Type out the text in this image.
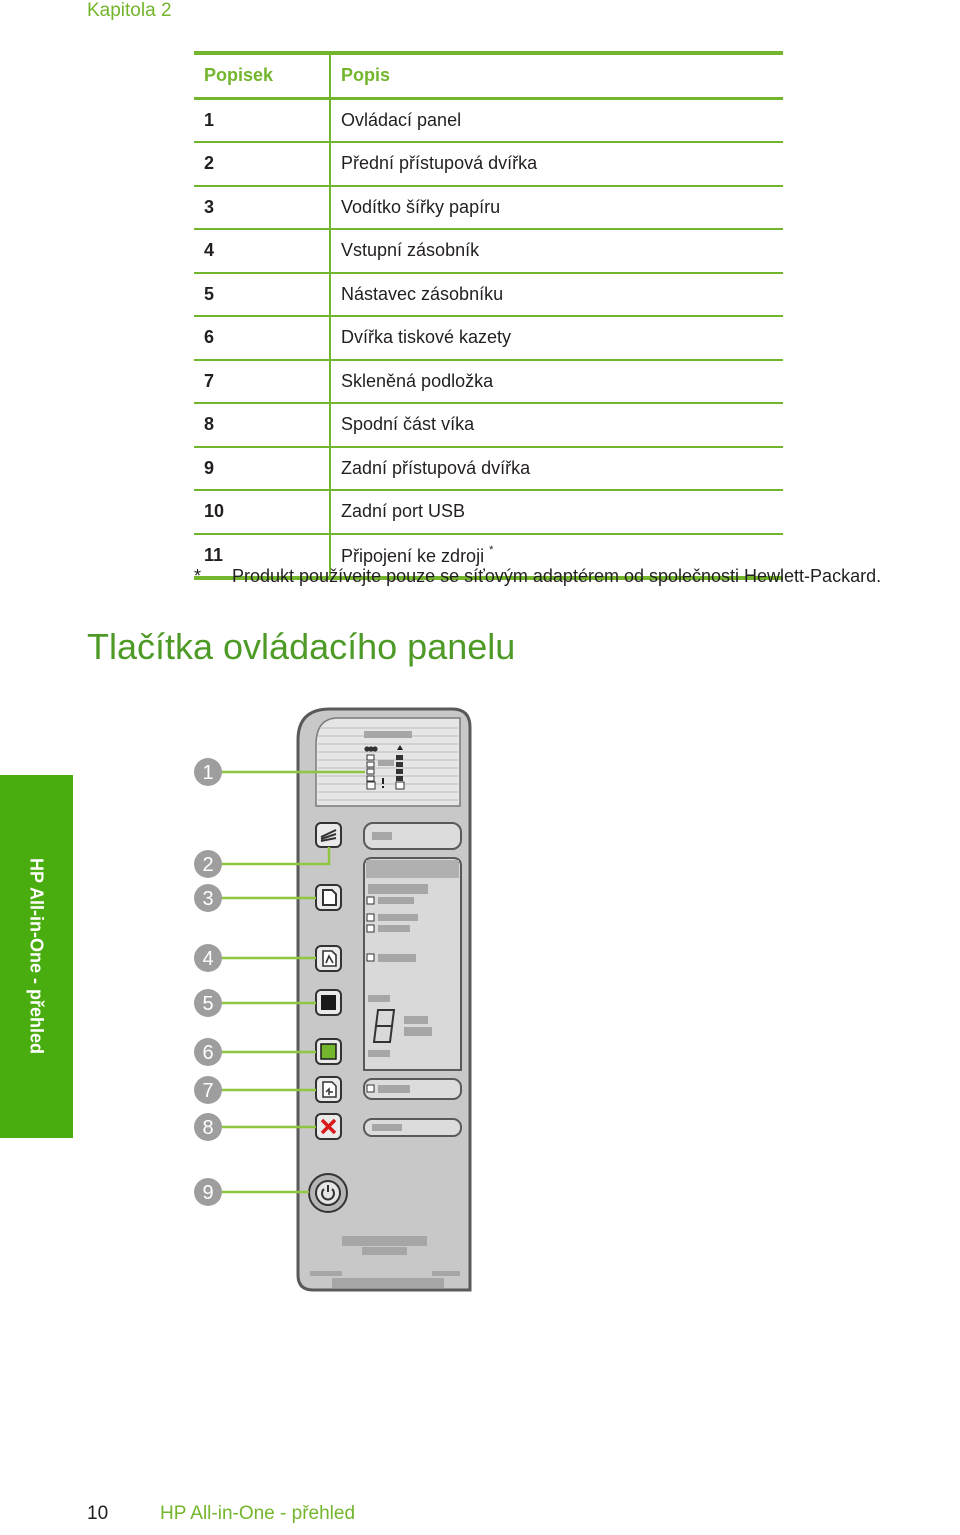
Kapitola 2
Popisek	Popis
1	Ovládací panel
2	Přední přístupová dvířka
3	Vodítko šířky papíru
4	Vstupní zásobník
5	Nástavec zásobníku
6	Dvířka tiskové kazety
7	Skleněná podložka
8	Spodní část víka
9	Zadní přístupová dvířka
10	Zadní port USB
11	Připojení ke zdroji *
* Produkt používejte pouze se síťovým adaptérem od společnosti Hewlett-Packard.
Tlačítka ovládacího panelu
HP All-in-One - přehled
1
2
3
4
5
6
7
8
9
10	HP All-in-One - přehled
